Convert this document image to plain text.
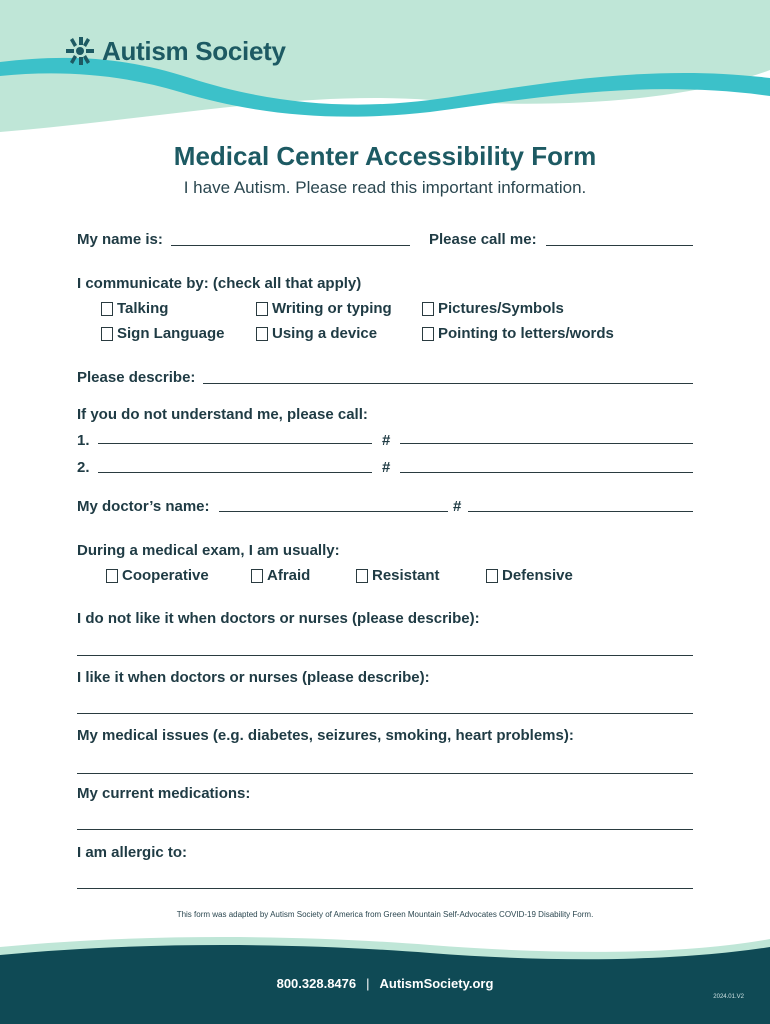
Autism Society
Medical Center Accessibility Form
I have Autism. Please read this important information.
My name is:	Please call me:
I communicate by: (check all that apply)
Talking	Writing or typing	Pictures/Symbols
Sign Language	Using a device	Pointing to letters/words
Please describe:
If you do not understand me, please call:
1.	#
2.	#
My doctor’s name:	#
During a medical exam, I am usually:
Cooperative	Afraid	Resistant	Defensive
I do not like it when doctors or nurses (please describe):
I like it when doctors or nurses (please describe):
My medical issues (e.g. diabetes, seizures, smoking, heart problems):
My current medications:
I am allergic to:
This form was adapted by Autism Society of America from Green Mountain Self-Advocates COVID-19 Disability Form.
800.328.8476 | AutismSociety.org
2024.01.V2
